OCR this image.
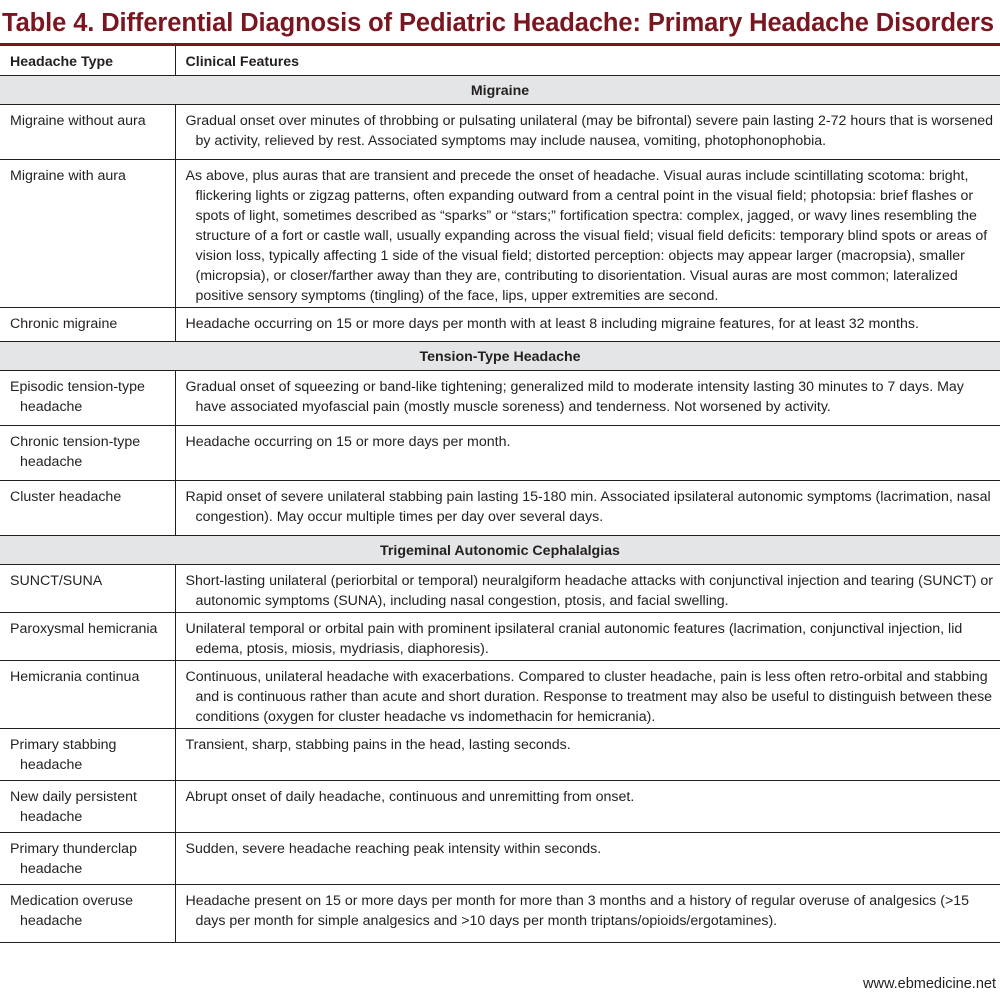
Table 4. Differential Diagnosis of Pediatric Headache: Primary Headache Disorders
Headache Type	Clinical Features
Migraine	

Migraine without aura	Gradual onset over minutes of throbbing or pulsating unilateral (may be bifrontal) severe pain lasting 2-72 hours that is worsened by activity, relieved by rest. Associated symptoms may include nausea, vomiting, photophonophobia.

Migraine with aura	As above, plus auras that are transient and precede the onset of headache. Visual auras include scintillating scotoma: bright, flickering lights or zigzag patterns, often expanding outward from a central point in the visual field; photopsia: brief flashes or spots of light, sometimes described as “sparks” or “stars;” fortification spectra: complex, jagged, or wavy lines resembling the structure of a fort or castle wall, usually expanding across the visual field; visual field deficits: temporary blind spots or areas of vision loss, typically affecting 1 side of the visual field; distorted perception: objects may appear larger (macropsia), smaller (micropsia), or closer/farther away than they are, contributing to disorientation. Visual auras are most common; lateralized positive sensory symptoms (tingling) of the face, lips, upper extremities are second.

Chronic migraine	Headache occurring on 15 or more days per month with at least 8 including migraine features, for at least 32 months.

Tension-Type Headache	

Episodic tension-type headache	Gradual onset of squeezing or band-like tightening; generalized mild to moderate intensity lasting 30 minutes to 7 days. May have associated myofascial pain (mostly muscle soreness) and tenderness. Not worsened by activity.

Chronic tension-type headache	Headache occurring on 15 or more days per month.

Cluster headache	Rapid onset of severe unilateral stabbing pain lasting 15-180 min. Associated ipsilateral autonomic symptoms (lacrimation, nasal congestion). May occur multiple times per day over several days.

Trigeminal Autonomic Cephalalgias	

SUNCT/SUNA	Short-lasting unilateral (periorbital or temporal) neuralgiform headache attacks with conjunctival injection and tearing (SUNCT) or autonomic symptoms (SUNA), including nasal congestion, ptosis, and facial swelling.

Paroxysmal hemicrania	Unilateral temporal or orbital pain with prominent ipsilateral cranial autonomic features (lacrimation, conjunctival injection, lid edema, ptosis, miosis, mydriasis, diaphoresis).

Hemicrania continua	Continuous, unilateral headache with exacerbations. Compared to cluster headache, pain is less often retro-orbital and stabbing and is continuous rather than acute and short duration. Response to treatment may also be useful to distinguish between these conditions (oxygen for cluster headache vs indomethacin for hemicrania).

Primary stabbing headache	Transient, sharp, stabbing pains in the head, lasting seconds.

New daily persistent headache	Abrupt onset of daily headache, continuous and unremitting from onset.

Primary thunderclap headache	Sudden, severe headache reaching peak intensity within seconds.

Medication overuse headache	Headache present on 15 or more days per month for more than 3 months and a history of regular overuse of analgesics (>15 days per month for simple analgesics and >10 days per month triptans/opioids/ergotamines).
www.ebmedicine.net
